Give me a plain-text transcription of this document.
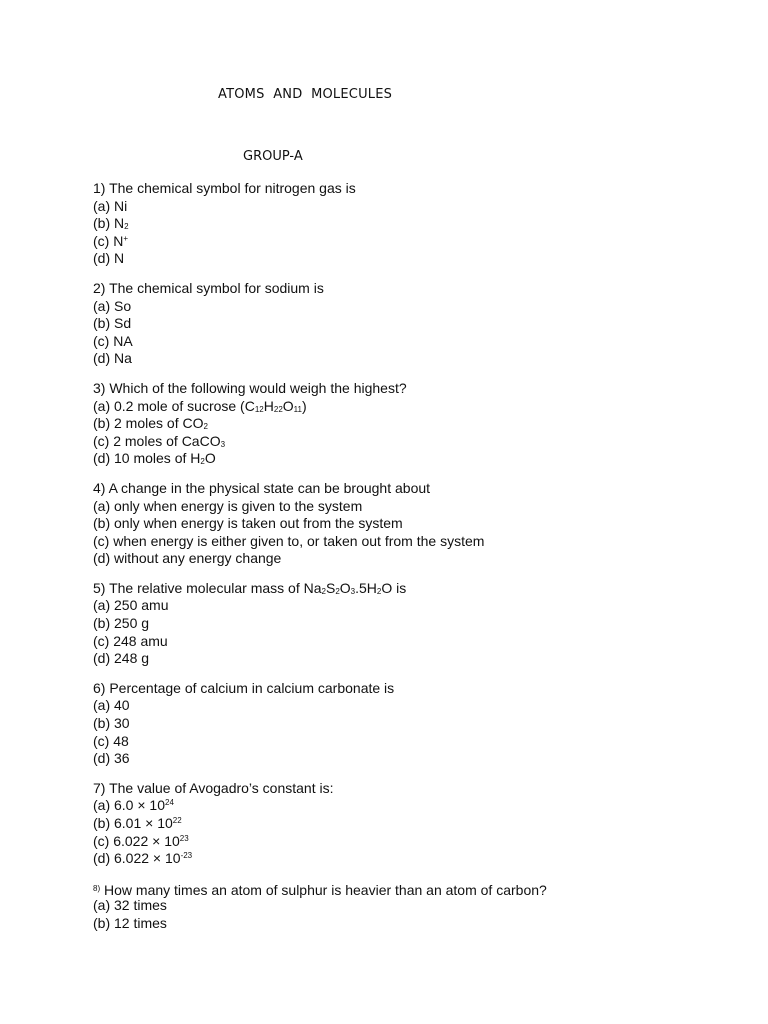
ATOMS  AND  MOLECULES
GROUP-A
1) The chemical symbol for nitrogen gas is
(a) Ni
(b) $N_2$
(c) N+
(d) N
2) The chemical symbol for sodium is
(a) So
(b) Sd
(c) NA
(d) Na
3) Which of the following would weigh the highest?
(a) 0.2 mole of sucrose $(C_{12}H_{22}O_{11})$
(b) 2 moles of $CO_2$
(c) 2 moles of CaCO$_3$
(d) 10 moles of $H_2O$
4) A change in the physical state can be brought about
(a) only when energy is given to the system
(b) only when energy is taken out from the system
(c) when energy is either given to, or taken out from the system
(d) without any energy change
5) The relative molecular mass of $Na_2S_2O_3.5H_2O$ is
(a) 250 amu
(b) 250 g
(c) 248 amu
(d) 248 g
6) Percentage of calcium in calcium carbonate is
(a) 40
(b) 30
(c) 48
(d) 36
7) The value of Avogadro’s constant is:
(a) $6.0 \times 10^{24}$
(b) $6.01 \times 10^{22}$
(c) $6.022 \times 10^{23}$
(d) $6.022 \times 10^{-23}$
$^{8)}$ How many times an atom of sulphur is heavier than an atom of carbon?
(a) 32 times
(b) 12 times
